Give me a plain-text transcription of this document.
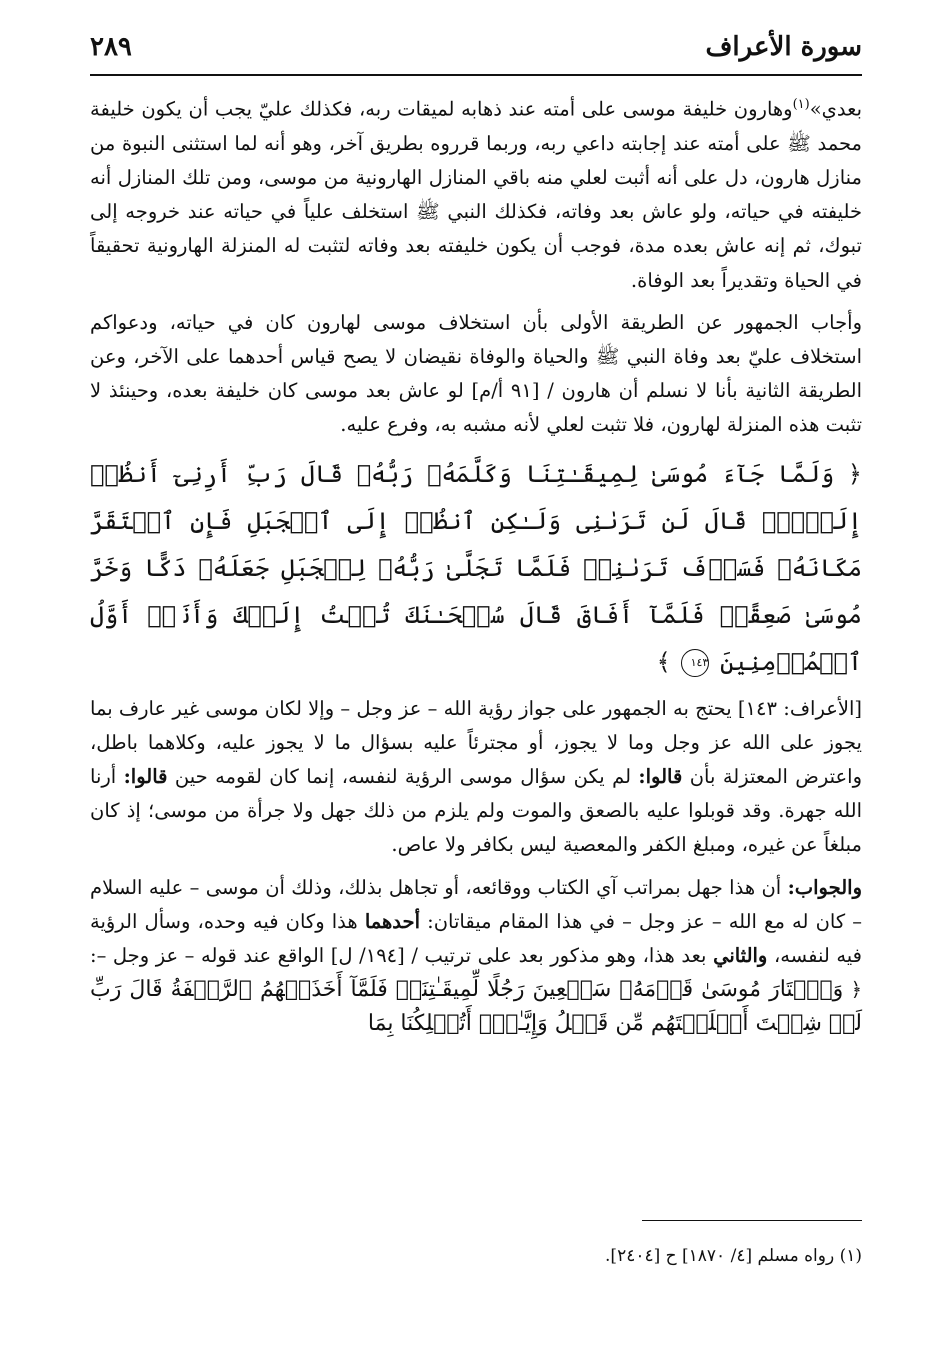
سورة الأعراف
٢٨٩

بعدي»$^{(١)}$وهارون خليفة موسى على أمته عند ذهابه لميقات ربه، فكذلك عليّ يجب أن يكون خليفة محمد ﷺ على أمته عند إجابته داعي ربه، وربما قرروه بطريق آخر، وهو أنه لما استثنى النبوة من منازل هارون، دل على أنه أثبت لعلي منه باقي المنازل الهارونية من موسى، ومن تلك المنازل أنه خليفته في حياته، ولو عاش بعد وفاته، فكذلك النبي ﷺ استخلف علياً في حياته عند خروجه إلى تبوك، ثم إنه عاش بعده مدة، فوجب أن يكون خليفته بعد وفاته لتثبت له المنزلة الهارونية تحقيقاً في الحياة وتقديراً بعد الوفاة.

وأجاب الجمهور عن الطريقة الأولى بأن استخلاف موسى لهارون كان في حياته، ودعواكم استخلاف عليّ بعد وفاة النبي ﷺ والحياة والوفاة نقيضان لا يصح قياس أحدهما على الآخر، وعن الطريقة الثانية بأنا لا نسلم أن هارون / [٩١ أ/م] لو عاش بعد موسى كان خليفة بعده، وحينئذ لا تثبت هذه المنزلة لهارون، فلا تثبت لعلي لأنه مشبه به، وفرع عليه.

﴿ وَلَمَّا جَآءَ مُوسَىٰ لِمِيقَـٰتِنَا وَكَلَّمَهُۥ رَبُّهُۥ قَالَ رَبِّ أَرِنِىٓ أَنظُرۡ إِلَيۡكَۚ قَالَ لَن تَرَىٰنِى وَلَـٰكِنِ ٱنظُرۡ إِلَى ٱلۡجَبَلِ فَإِنِ ٱسۡتَقَرَّ مَكَانَهُۥ فَسَوۡفَ تَرَىٰنِىۚ فَلَمَّا تَجَلَّىٰ رَبُّهُۥ لِلۡجَبَلِ جَعَلَهُۥ دَكًّا وَخَرَّ مُوسَىٰ صَعِقًاۚ فَلَمَّآ أَفَاقَ قَالَ سُبۡحَـٰنَكَ تُبۡتُ إِلَيۡكَ وَأَنَا۠ أَوَّلُ ٱلۡمُؤۡمِنِينَ ١٤٣ ﴾

[الأعراف: ١٤٣] يحتج به الجمهور على جواز رؤية الله – عز وجل – وإلا لكان موسى غير عارف بما يجوز على الله عز وجل وما لا يجوز، أو مجترئاً عليه بسؤال ما لا يجوز عليه، وكلاهما باطل، واعترض المعتزلة بأن قالوا: لم يكن سؤال موسى الرؤية لنفسه، إنما كان لقومه حين قالوا: أرنا الله جهرة. وقد قوبلوا عليه بالصعق والموت ولم يلزم من ذلك جهل ولا جرأة من موسى؛ إذ كان مبلغاً عن غيره، ومبلغ الكفر والمعصية ليس بكافر ولا عاص.

والجواب: أن هذا جهل بمراتب آي الكتاب ووقائعه، أو تجاهل بذلك، وذلك أن موسى – عليه السلام – كان له مع الله – عز وجل – في هذا المقام ميقاتان: أحدهما هذا وكان فيه وحده، وسأل الرؤية فيه لنفسه، والثاني بعد هذا، وهو مذكور بعد على ترتيب / [١٩٤/ ل] الواقع عند قوله – عز وجل –: ﴿ وَٱخۡتَارَ مُوسَىٰ قَوۡمَهُۥ سَبۡعِينَ رَجُلًا لِّمِيقَـٰتِنَاۖ فَلَمَّآ أَخَذَتۡهُمُ ٱلرَّجۡفَةُ قَالَ رَبِّ لَوۡ شِئۡتَ أَهۡلَكۡتَهُم مِّن قَبۡلُ وَإِيَّـٰيَۖ أَتُهۡلِكُنَا بِمَا

(١) رواه مسلم [٤/ ١٨٧٠] ح [٢٤٠٤].
